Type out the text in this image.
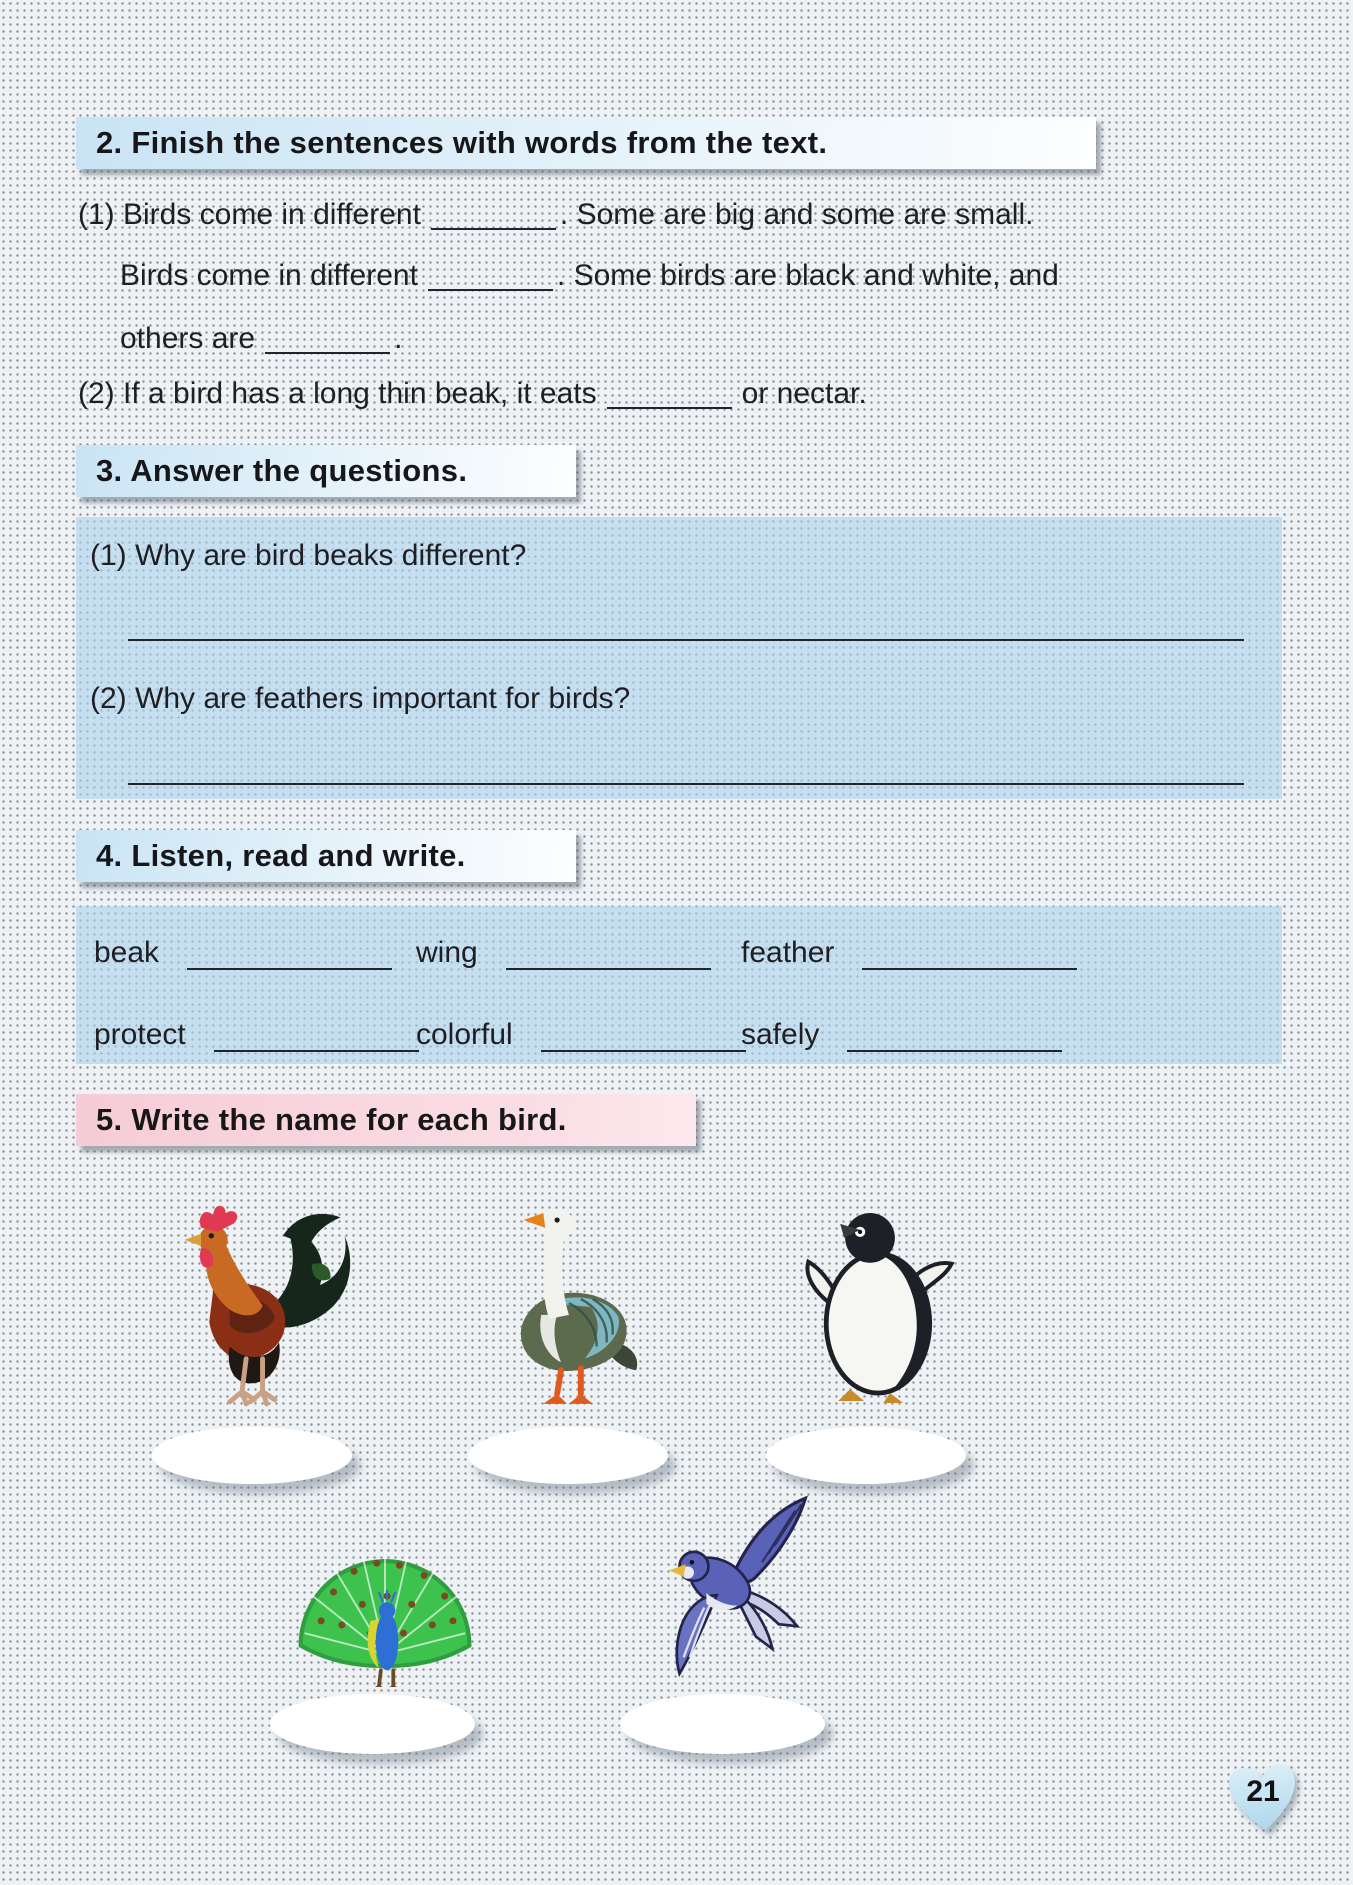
2. Finish the sentences with words from the text.
(1) Birds come in different	. Some are big and some are small.
Birds come in different	. Some birds are black and white, and
others are	.
(2) If a bird has a long thin beak, it eats	or nectar.
3. Answer the questions.
(1) Why are bird beaks different?
(2) Why are feathers important for birds?
4. Listen, read and write.
beak	wing	feather
protect	colorful	safely
5. Write the name for each bird.
21
